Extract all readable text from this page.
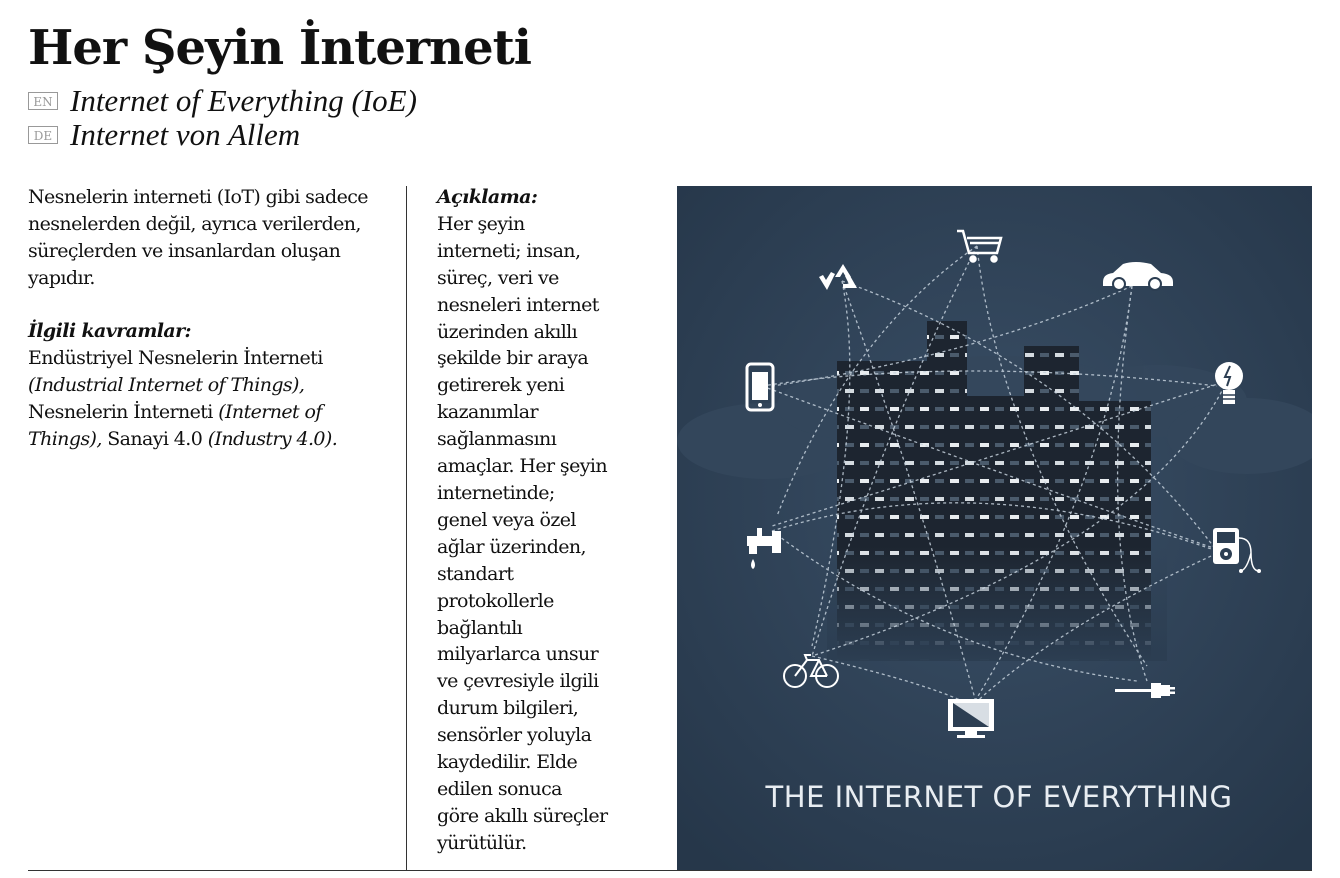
Her Şeyin İnterneti
EN Internet of Everything (IoE)
DE Internet von Allem

Nesnelerin interneti (IoT) gibi sadece nesnelerden değil, ayrıca verilerden, süreçlerden ve insanlardan oluşan yapıdır.

İlgili kavramlar:
Endüstriyel Nesnelerin İnterneti (Industrial Internet of Things), Nesnelerin İnterneti (Internet of Things), Sanayi 4.0 (Industry 4.0).

Açıklama:

Her şeyin
interneti; insan,
süreç, veri ve
nesneleri internet
üzerinden akıllı
şekilde bir araya
getirerek yeni
kazanımlar
sağlanmasını
amaçlar. Her şeyin
internetinde;
genel veya özel
ağlar üzerinden,
standart
protokollerle
bağlantılı
milyarlarca unsur
ve çevresiyle ilgili
durum bilgileri,
sensörler yoluyla
kaydedilir. Elde
edilen sonuca
göre akıllı süreçler
yürütülür.

THE INTERNET OF EVERYTHING
